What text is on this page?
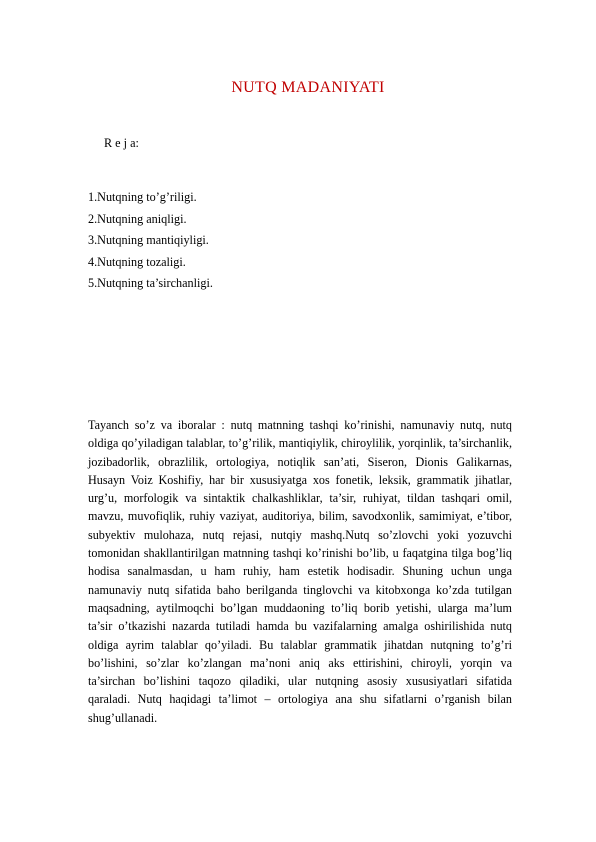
NUTQ MADANIYATI
R e j a:
1.Nutqning to’g’riligi.
2.Nutqning aniqligi.
3.Nutqning mantiqiyligi.
4.Nutqning tozaligi.
5.Nutqning ta’sirchanligi.

Tayanch so’z va iboralar : nutq matnning tashqi ko’rinishi, namunaviy nutq, nutq oldiga qo’yiladigan talablar, to’g’rilik, mantiqiylik, chiroylilik, yorqinlik, ta’sirchanlik, jozibadorlik, obrazlilik, ortologiya, notiqlik san’ati, Siseron, Dionis Galikarnas, Husayn Voiz Koshifiy, har bir xususiyatga xos fonetik, leksik, grammatik jihatlar, urg’u, morfologik va sintaktik chalkashliklar, ta’sir, ruhiyat, tildan tashqari omil, mavzu, muvofiqlik, ruhiy vaziyat, auditoriya, bilim, savodxonlik, samimiyat, e’tibor, subyektiv mulohaza, nutq rejasi, nutqiy mashq.Nutq so’zlovchi yoki yozuvchi tomonidan shakllantirilgan matnning tashqi ko’rinishi bo’lib, u faqatgina tilga bog’liq hodisa sanalmasdan, u ham ruhiy, ham estetik hodisadir. Shuning uchun unga namunaviy nutq sifatida baho berilganda tinglovchi va kitobxonga ko’zda tutilgan maqsadning, aytilmoqchi bo’lgan muddaoning to’liq borib yetishi, ularga ma’lum ta’sir o’tkazishi nazarda tutiladi hamda bu vazifalarning amalga oshirilishida nutq oldiga ayrim talablar qo’yiladi. Bu talablar grammatik jihatdan nutqning to’g’ri bo’lishini, so’zlar ko’zlangan ma’noni aniq aks ettirishini, chiroyli, yorqin va ta’sirchan bo’lishini taqozo qiladiki, ular nutqning asosiy xususiyatlari sifatida qaraladi. Nutq haqidagi ta’limot – ortologiya ana shu sifatlarni o’rganish bilan shug’ullanadi.
